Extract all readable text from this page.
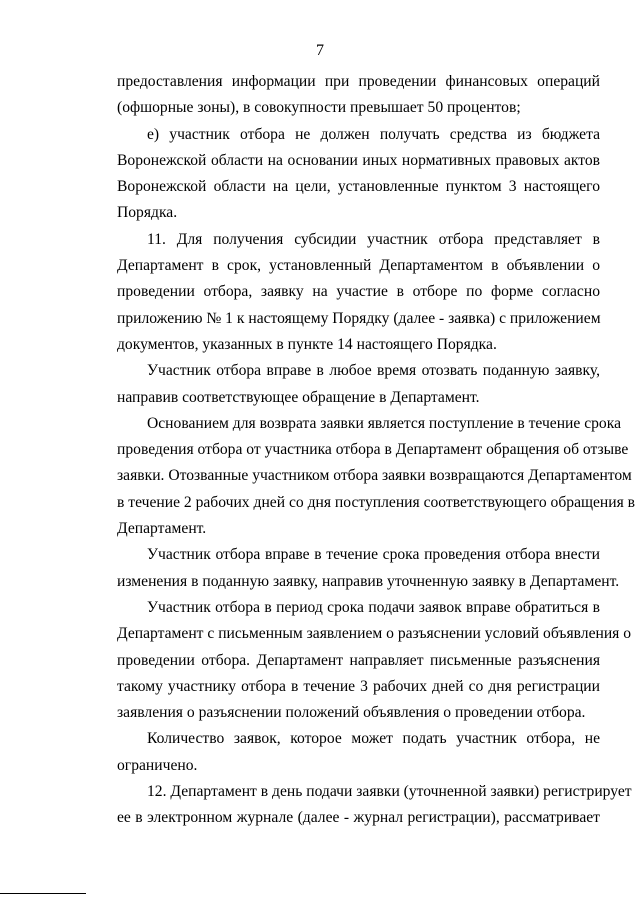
7
предоставления информации при проведении финансовых операций
(офшорные зоны), в совокупности превышает 50 процентов;
е) участник отбора не должен получать средства из бюджета
Воронежской области на основании иных нормативных правовых актов
Воронежской области на цели, установленные пунктом 3 настоящего
Порядка.
11. Для получения субсидии участник отбора представляет в
Департамент в срок, установленный Департаментом в объявлении о
проведении отбора, заявку на участие в отборе по форме согласно
приложению № 1 к настоящему Порядку (далее - заявка) с приложением
документов, указанных в пункте 14 настоящего Порядка.
Участник отбора вправе в любое время отозвать поданную заявку,
направив соответствующее обращение в Департамент.
Основанием для возврата заявки является поступление в течение срока
проведения отбора от участника отбора в Департамент обращения об отзыве
заявки. Отозванные участником отбора заявки возвращаются Департаментом
в течение 2 рабочих дней со дня поступления соответствующего обращения в
Департамент.
Участник отбора вправе в течение срока проведения отбора внести
изменения в поданную заявку, направив уточненную заявку в Департамент.
Участник отбора в период срока подачи заявок вправе обратиться в
Департамент с письменным заявлением о разъяснении условий объявления о
проведении отбора. Департамент направляет письменные разъяснения
такому участнику отбора в течение 3 рабочих дней со дня регистрации
заявления о разъяснении положений объявления о проведении отбора.
Количество заявок, которое может подать участник отбора, не
ограничено.
12. Департамент в день подачи заявки (уточненной заявки) регистрирует
ее в электронном журнале (далее - журнал регистрации), рассматривает
